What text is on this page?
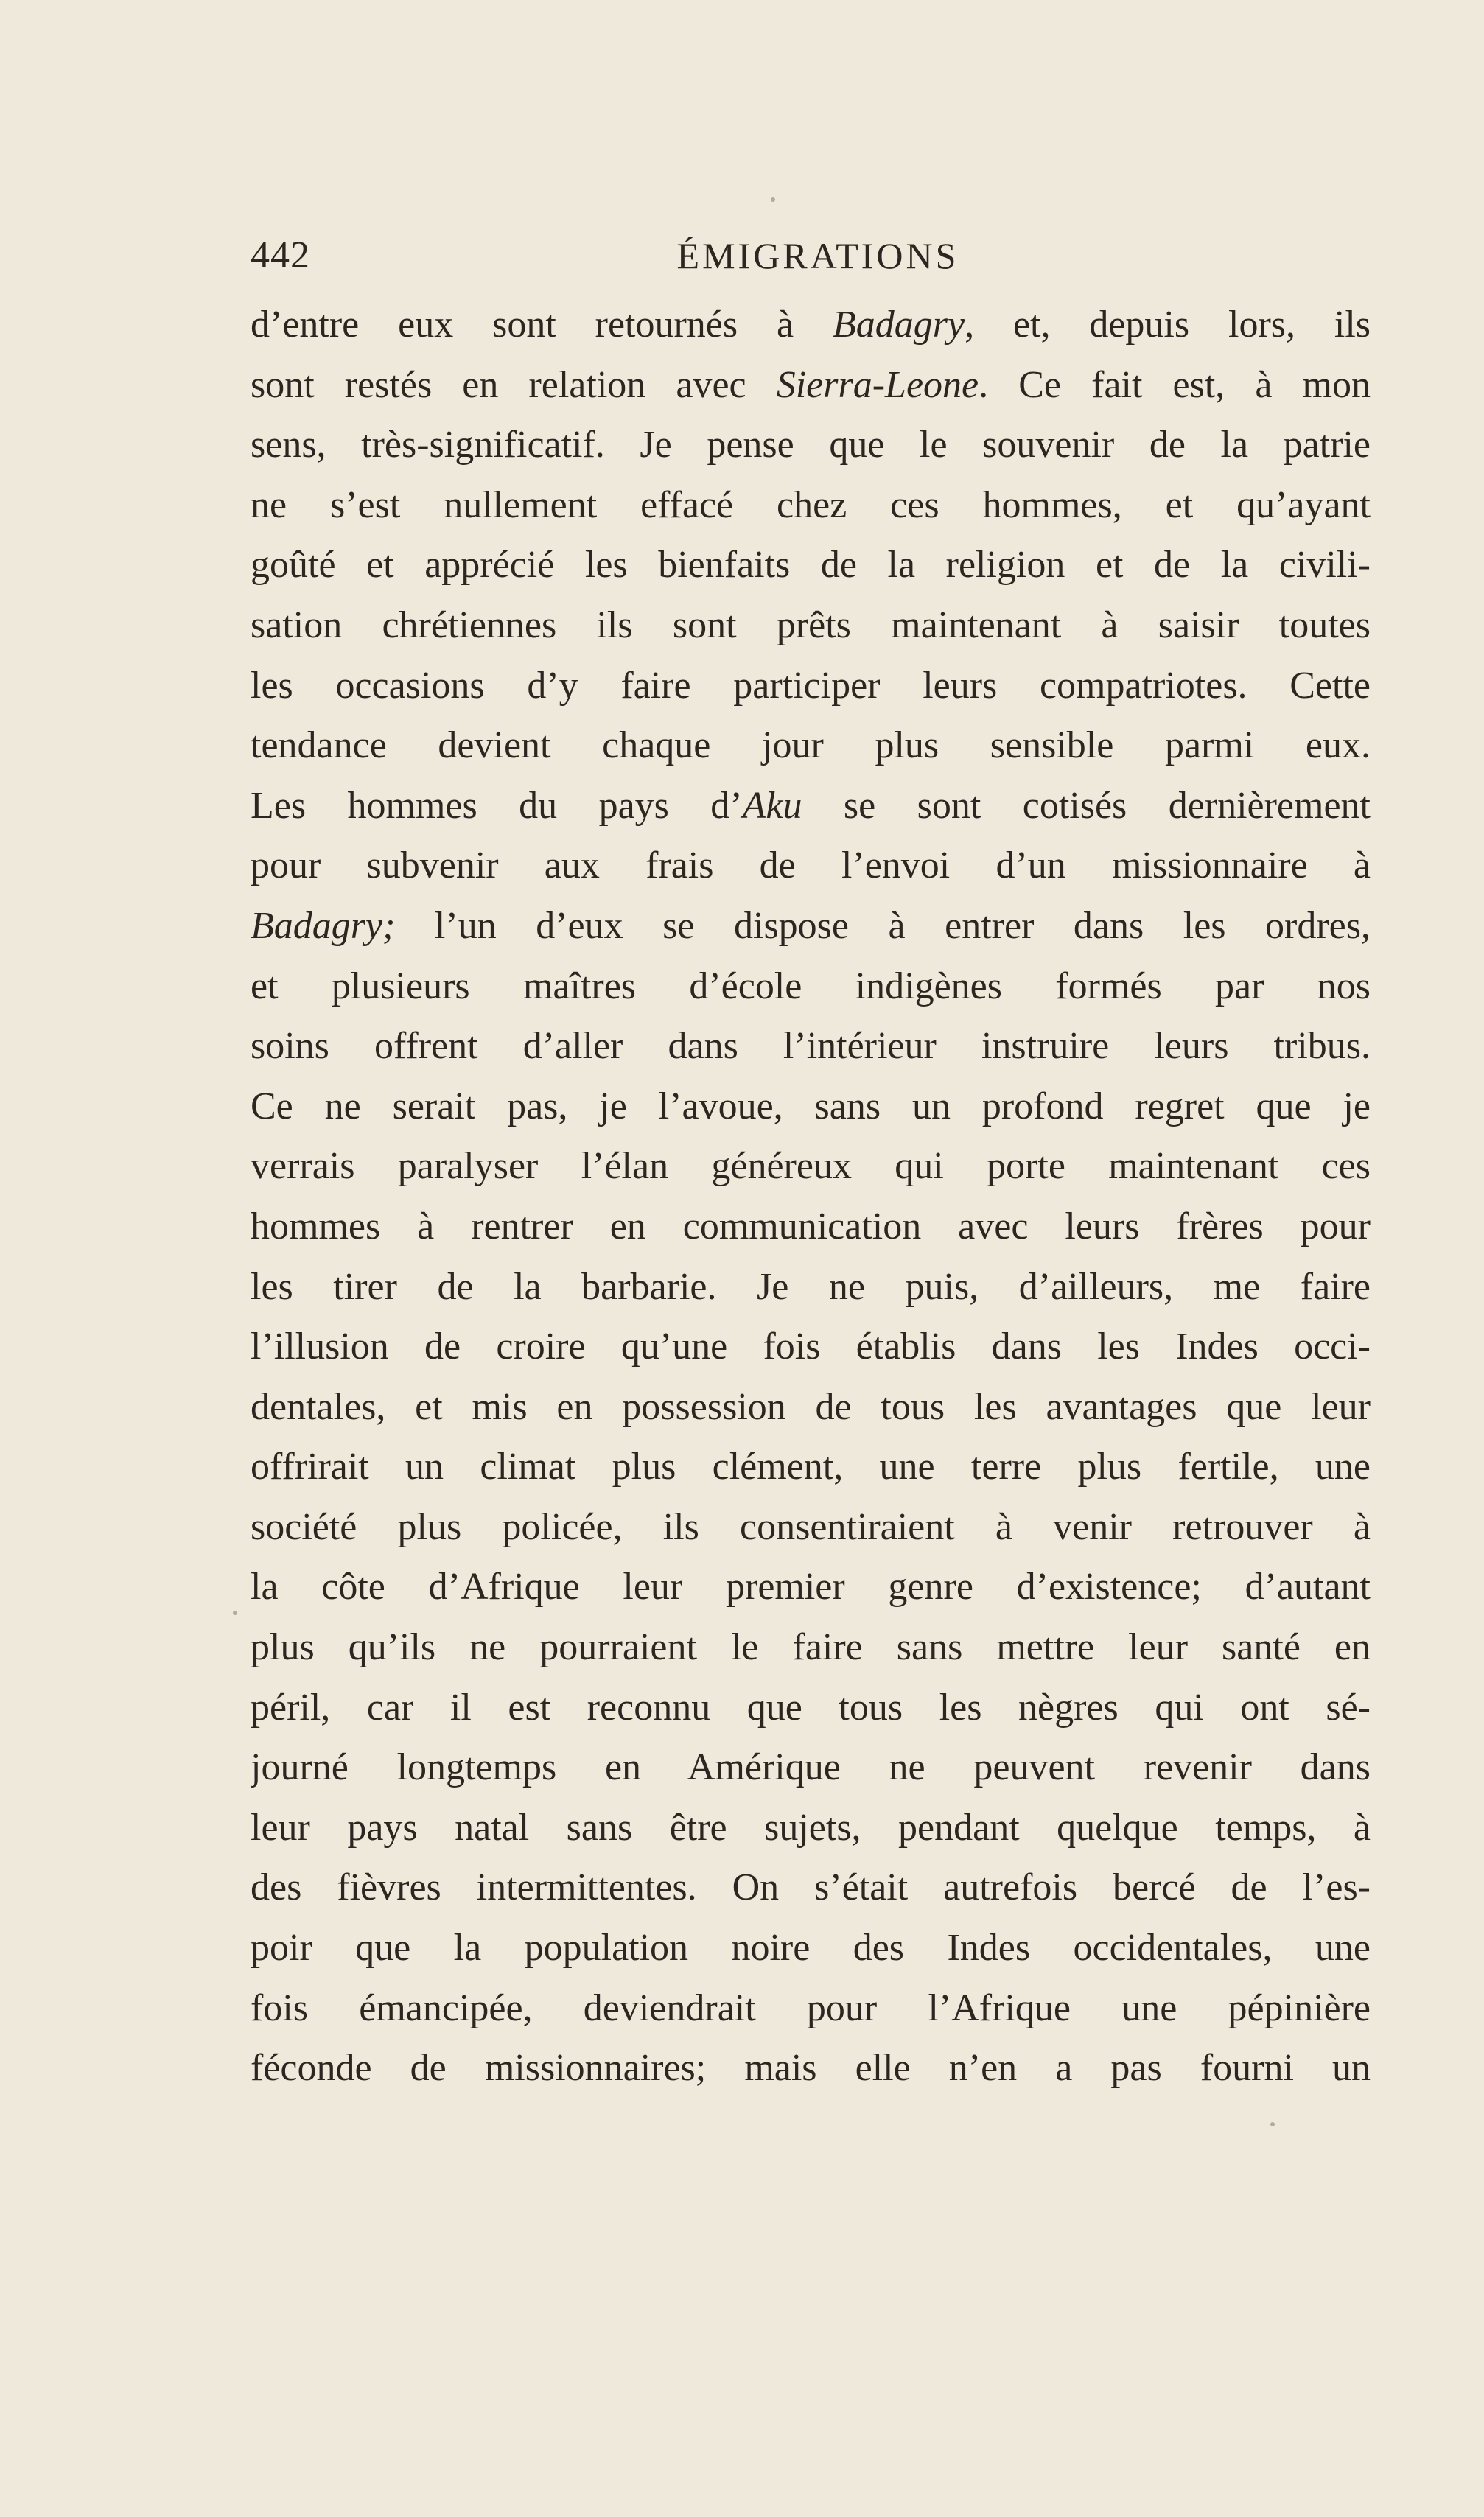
442	ÉMIGRATIONS
d’entre eux sont retournés à Badagry, et, depuis lors, ils
sont restés en relation avec Sierra-Leone. Ce fait est, à mon
sens, très-significatif. Je pense que le souvenir de la patrie
ne s’est nullement effacé chez ces hommes, et qu’ayant
goûté et apprécié les bienfaits de la religion et de la civili-
sation chrétiennes ils sont prêts maintenant à saisir toutes
les occasions d’y faire participer leurs compatriotes. Cette
tendance devient chaque jour plus sensible parmi eux.
Les hommes du pays d’Aku se sont cotisés dernièrement
pour subvenir aux frais de l’envoi d’un missionnaire à
Badagry; l’un d’eux se dispose à entrer dans les ordres,
et plusieurs maîtres d’école indigènes formés par nos
soins offrent d’aller dans l’intérieur instruire leurs tribus.
Ce ne serait pas, je l’avoue, sans un profond regret que je
verrais paralyser l’élan généreux qui porte maintenant ces
hommes à rentrer en communication avec leurs frères pour
les tirer de la barbarie. Je ne puis, d’ailleurs, me faire
l’illusion de croire qu’une fois établis dans les Indes occi-
dentales, et mis en possession de tous les avantages que leur
offrirait un climat plus clément, une terre plus fertile, une
société plus policée, ils consentiraient à venir retrouver à
la côte d’Afrique leur premier genre d’existence; d’autant
plus qu’ils ne pourraient le faire sans mettre leur santé en
péril, car il est reconnu que tous les nègres qui ont sé-
journé longtemps en Amérique ne peuvent revenir dans
leur pays natal sans être sujets, pendant quelque temps, à
des fièvres intermittentes. On s’était autrefois bercé de l’es-
poir que la population noire des Indes occidentales, une
fois émancipée, deviendrait pour l’Afrique une pépinière
féconde de missionnaires; mais elle n’en a pas fourni un
